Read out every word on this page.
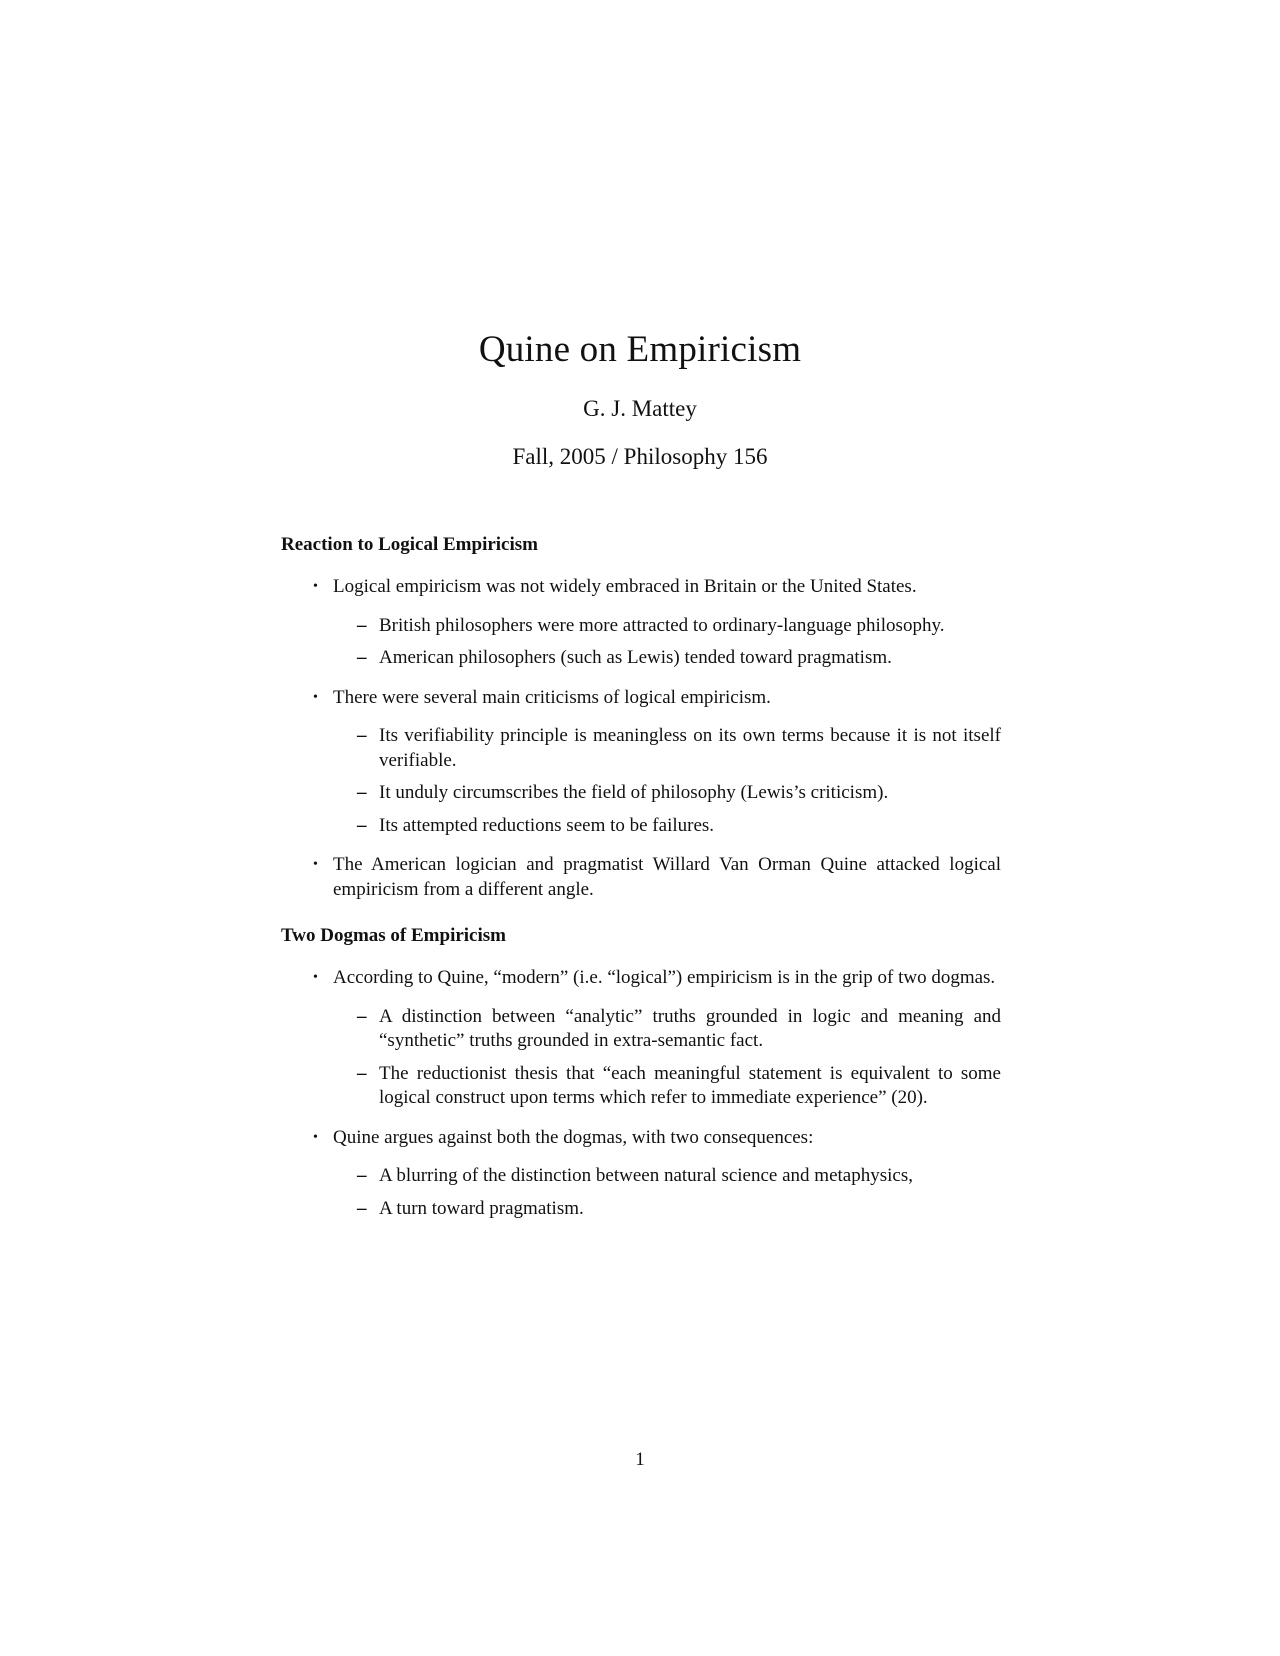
Quine on Empiricism
G. J. Mattey
Fall, 2005 / Philosophy 156
Reaction to Logical Empiricism
• Logical empiricism was not widely embraced in Britain or the United States.
– British philosophers were more attracted to ordinary-language philosophy.
– American philosophers (such as Lewis) tended toward pragmatism.
• There were several main criticisms of logical empiricism.
– Its verifiability principle is meaningless on its own terms because it is not itself verifiable.
– It unduly circumscribes the field of philosophy (Lewis’s criticism).
– Its attempted reductions seem to be failures.
• The American logician and pragmatist Willard Van Orman Quine attacked logical empiricism from a different angle.
Two Dogmas of Empiricism
• According to Quine, “modern” (i.e. “logical”) empiricism is in the grip of two dogmas.
– A distinction between “analytic” truths grounded in logic and meaning and “synthetic” truths grounded in extra-semantic fact.
– The reductionist thesis that “each meaningful statement is equivalent to some logical construct upon terms which refer to immediate experience” (20).
• Quine argues against both the dogmas, with two consequences:
– A blurring of the distinction between natural science and metaphysics,
– A turn toward pragmatism.
1
